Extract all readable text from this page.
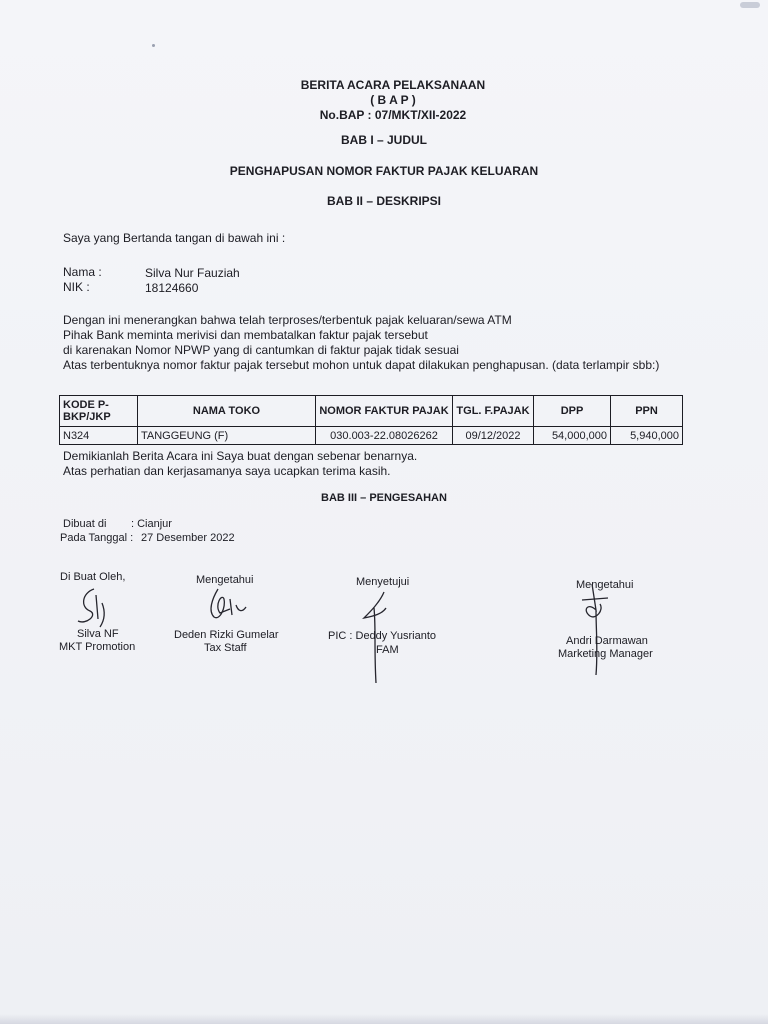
BERITA ACARA PELAKSANAAN
( B A P )
No.BAP : 07/MKT/XII-2022
BAB I – JUDUL
PENGHAPUSAN NOMOR FAKTUR PAJAK KELUARAN
BAB II – DESKRIPSI
Saya yang Bertanda tangan di bawah ini :
Nama :	Silva Nur Fauziah
NIK :	18124660
Dengan ini menerangkan bahwa telah terproses/terbentuk pajak keluaran/sewa ATM
Pihak Bank meminta merivisi dan membatalkan faktur pajak tersebut
di karenakan Nomor NPWP yang di cantumkan di faktur pajak tidak sesuai
Atas terbentuknya nomor faktur pajak tersebut mohon untuk dapat dilakukan penghapusan. (data terlampir sbb:)
KODE P-BKP/JKP	NAMA TOKO	NOMOR FAKTUR PAJAK	TGL. F.PAJAK	DPP	PPN
N324	TANGGEUNG (F)	030.003-22.08026262	09/12/2022	54,000,000	5,940,000
Demikianlah Berita Acara ini Saya buat dengan sebenar benarnya.
Atas perhatian dan kerjasamanya saya ucapkan terima kasih.
BAB III – PENGESAHAN
Dibuat di : Cianjur
Pada Tanggal : 27 Desember 2022
Di Buat Oleh,
Silva NF
MKT Promotion
Mengetahui
Deden Rizki Gumelar
Tax Staff
Menyetujui
PIC : Deddy Yusrianto
FAM
Mengetahui
Andri Darmawan
Marketing Manager
